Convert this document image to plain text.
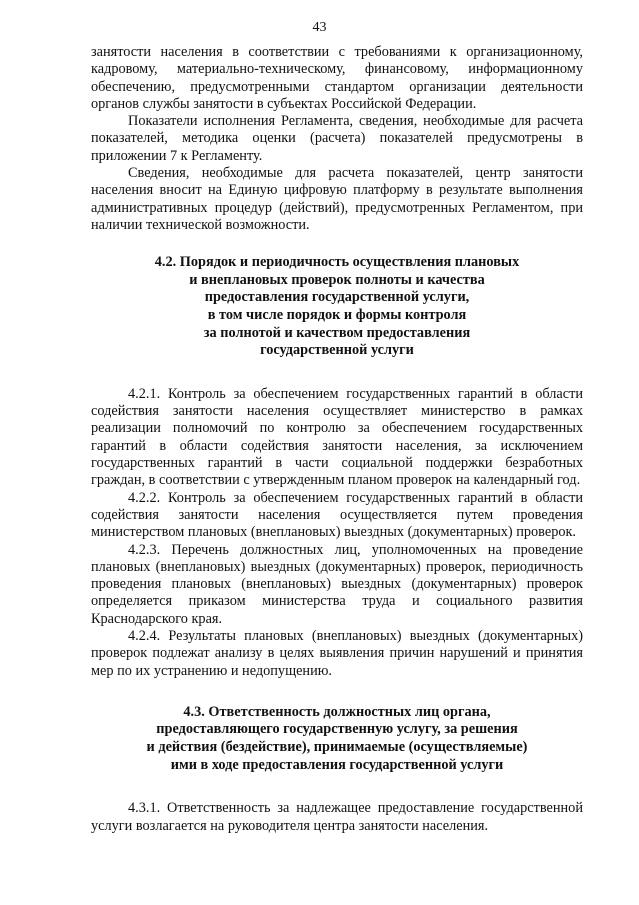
43

занятости населения в соответствии с требованиями к организационному, кадровому, материально-техническому, финансовому, информационному обеспечению, предусмотренными стандартом организации деятельности органов службы занятости в субъектах Российской Федерации.

Показатели исполнения Регламента, сведения, необходимые для расчета показателей, методика оценки (расчета) показателей предусмотрены в приложении 7 к Регламенту.

Сведения, необходимые для расчета показателей, центр занятости населения вносит на Единую цифровую платформу в результате выполнения административных процедур (действий), предусмотренных Регламентом, при наличии технической возможности.

4.2. Порядок и периодичность осуществления плановых
и внеплановых проверок полноты и качества
предоставления государственной услуги,
в том числе порядок и формы контроля
за полнотой и качеством предоставления
государственной услуги

4.2.1. Контроль за обеспечением государственных гарантий в области содействия занятости населения осуществляет министерство в рамках реализации полномочий по контролю за обеспечением государственных гарантий в области содействия занятости населения, за исключением государственных гарантий в части социальной поддержки безработных граждан, в соответствии с утвержденным планом проверок на календарный год.

4.2.2. Контроль за обеспечением государственных гарантий в области содействия занятости населения осуществляется путем проведения министерством плановых (внеплановых) выездных (документарных) проверок.

4.2.3. Перечень должностных лиц, уполномоченных на проведение плановых (внеплановых) выездных (документарных) проверок, периодичность проведения плановых (внеплановых) выездных (документарных) проверок определяется приказом министерства труда и социального развития Краснодарского края.

4.2.4. Результаты плановых (внеплановых) выездных (документарных) проверок подлежат анализу в целях выявления причин нарушений и принятия мер по их устранению и недопущению.

4.3. Ответственность должностных лиц органа,
предоставляющего государственную услугу, за решения
и действия (бездействие), принимаемые (осуществляемые)
ими в ходе предоставления государственной услуги

4.3.1. Ответственность за надлежащее предоставление государственной услуги возлагается на руководителя центра занятости населения.
